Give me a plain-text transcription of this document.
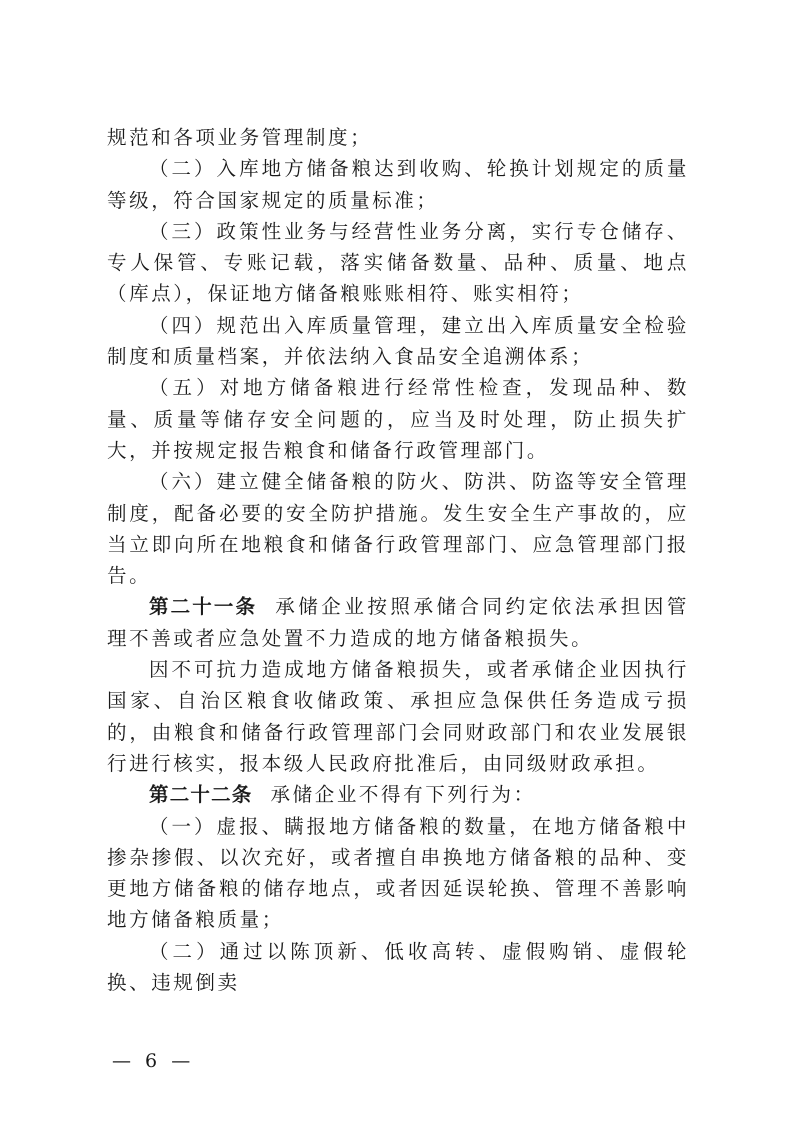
规范和各项业务管理制度；

（二）入库地方储备粮达到收购、轮换计划规定的质量等级，符合国家规定的质量标准；

（三）政策性业务与经营性业务分离，实行专仓储存、专人保管、专账记载，落实储备数量、品种、质量、地点（库点），保证地方储备粮账账相符、账实相符；

（四）规范出入库质量管理，建立出入库质量安全检验制度和质量档案，并依法纳入食品安全追溯体系；

（五）对地方储备粮进行经常性检查，发现品种、数量、质量等储存安全问题的，应当及时处理，防止损失扩大，并按规定报告粮食和储备行政管理部门。

（六）建立健全储备粮的防火、防洪、防盗等安全管理制度，配备必要的安全防护措施。发生安全生产事故的，应当立即向所在地粮食和储备行政管理部门、应急管理部门报告。

第二十一条 承储企业按照承储合同约定依法承担因管理不善或者应急处置不力造成的地方储备粮损失。

因不可抗力造成地方储备粮损失，或者承储企业因执行国家、自治区粮食收储政策、承担应急保供任务造成亏损的，由粮食和储备行政管理部门会同财政部门和农业发展银行进行核实，报本级人民政府批准后，由同级财政承担。

第二十二条 承储企业不得有下列行为：

（一）虚报、瞒报地方储备粮的数量，在地方储备粮中掺杂掺假、以次充好，或者擅自串换地方储备粮的品种、变更地方储备粮的储存地点，或者因延误轮换、管理不善影响地方储备粮质量；

（二）通过以陈顶新、低收高转、虚假购销、虚假轮换、违规倒卖

— 6 —
